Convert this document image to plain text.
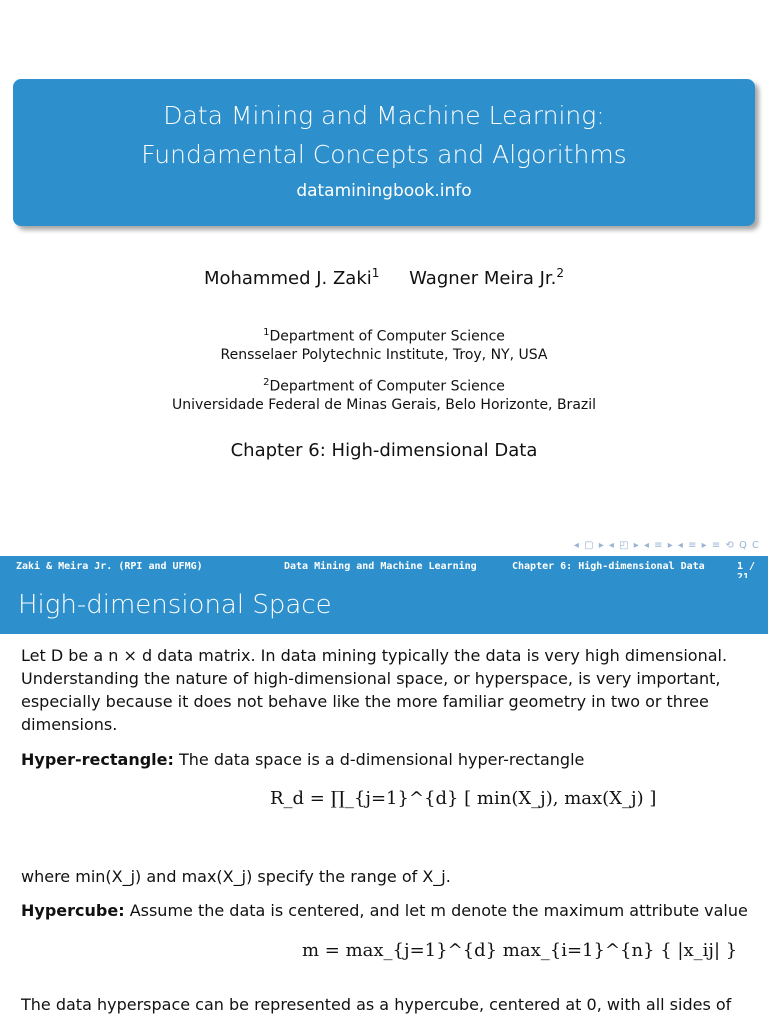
Data Mining and Machine Learning:
Fundamental Concepts and Algorithms
dataminingbook.info
Mohammed J. Zaki$^1$ Wagner Meira Jr.$^2$
$^1$Department of Computer Science
Rensselaer Polytechnic Institute, Troy, NY, USA
$^2$Department of Computer Science
Universidade Federal de Minas Gerais, Belo Horizonte, Brazil
Chapter 6: High-dimensional Data
◂ ▢ ▸ ◂ ◰ ▸ ◂ ≡ ▸ ◂ ≡ ▸ ≡ ⟲ Q C
Zaki & Meira Jr. (RPI and UFMG)	Data Mining and Machine Learning	Chapter 6: High-dimensional Data	1 /
High-dimensional Space
Let D be a n × d data matrix. In data mining typically the data is very high dimensional.
Understanding the nature of high-dimensional space, or hyperspace, is very important,
especially because it does not behave like the more familiar geometry in two or three
dimensions.
Hyper-rectangle: The data space is a d-dimensional hyper-rectangle
where min(X_j) and max(X_j) specify the range of X_j.
Hypercube: Assume the data is centered, and let m denote the maximum attribute value
The data hyperspace can be represented as a hypercube, centered at 0, with all sides of
R_d = ∏_{j=1}^{d} [ min(X_j), max(X_j) ]
m = max_{j=1}^{d} max_{i=1}^{n} { |x_ij| }
